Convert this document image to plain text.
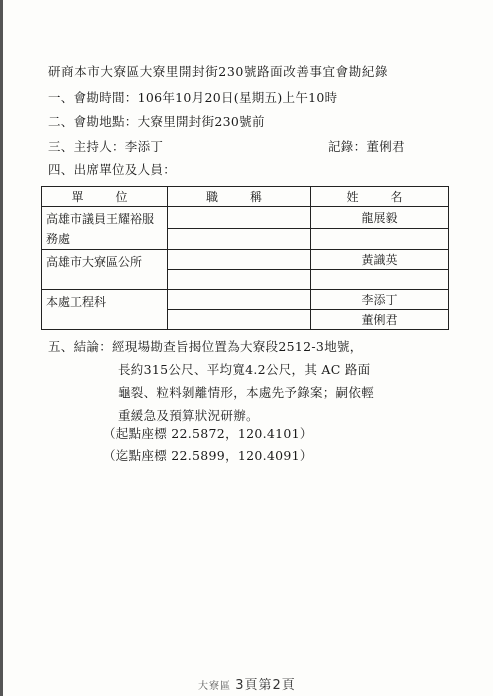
研商本市大寮區大寮里開封街230號路面改善事宜會勘紀錄
一、會勘時間：106年10月20日(星期五)上午10時
二、會勘地點：大寮里開封街230號前
三、主持人：李添丁	記錄：董俐君
四、出席單位及人員：
單　位	職　稱	姓　名
高雄市議員王耀裕服務處		龍展毅

高雄市大寮區公所		黃識英

本處工程科		李添丁
		董俐君
五、結論：經現場勘查旨揭位置為大寮段2512-3地號，
長約315公尺、平均寬4.2公尺，其 AC 路面
龜裂、粒料剝離情形，本處先予錄案；嗣依輕
重緩急及預算狀況研辦。
（起點座標 22.5872，120.4101）
（迄點座標 22.5899，120.4091）
大寮區 3頁第2頁
